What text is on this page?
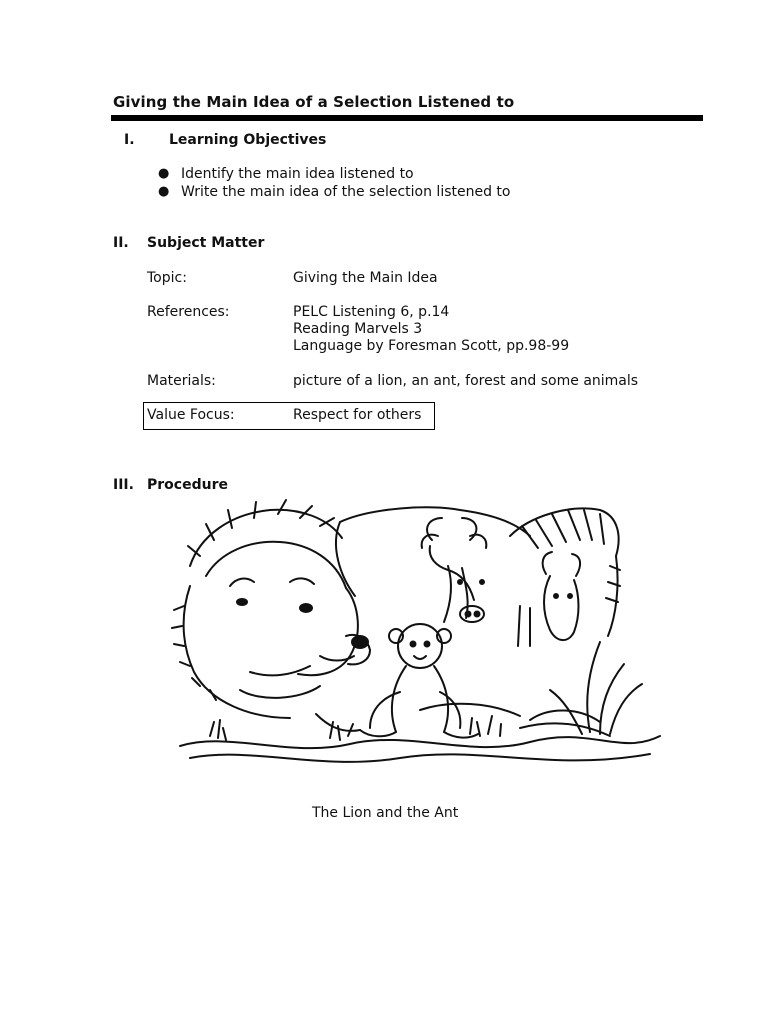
Giving the Main Idea of a Selection Listened to
I. Learning Objectives
● Identify the main idea listened to
● Write the main idea of the selection listened to
II. Subject Matter
Topic:	Giving the Main Idea
References:	PELC Listening 6, p.14
Reading Marvels 3
Language by Foresman Scott, pp.98-99
Materials:	picture of a lion, an ant, forest and some animals
Value Focus:	Respect for others
III. Procedure
The Lion and the Ant
